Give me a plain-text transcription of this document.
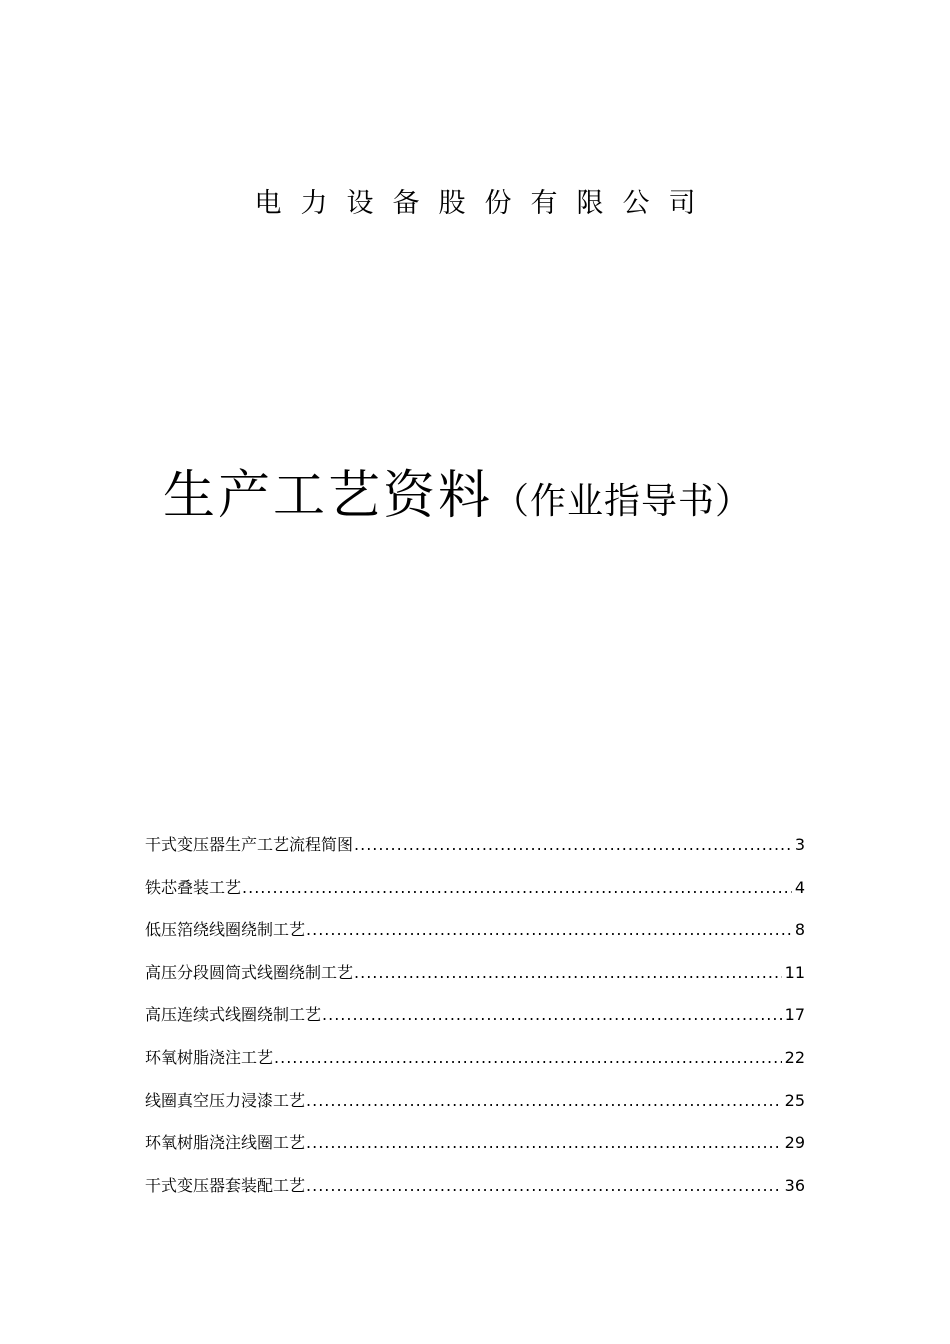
电力设备股份有限公司
生产工艺资料（作业指导书）
干式变压器生产工艺流程简图 .....	3
铁芯叠装工艺 .....	4
低压箔绕线圈绕制工艺 .....	8
高压分段圆筒式线圈绕制工艺 .....	11
高压连续式线圈绕制工艺 .....	17
环氧树脂浇注工艺 .....	22
线圈真空压力浸漆工艺 .....	25
环氧树脂浇注线圈工艺 .....	29
干式变压器套装配工艺 .....	36
